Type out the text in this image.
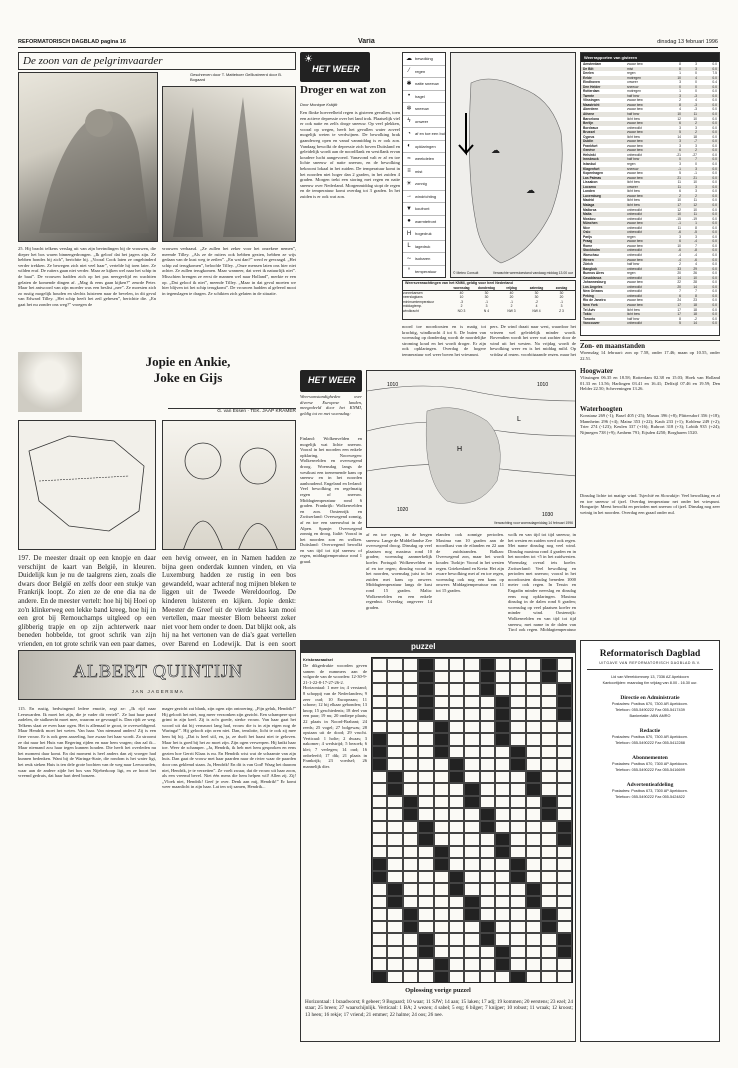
REFORMATORISCH DAGBLAD pagina 16	Varia	dinsdag 13 februari 1996
De zoon van de pelgrimvaarder
Geschreven door T. Matteboer Geïllustreerd door B. Bogaard
25. Hij bracht telkens verslag uit van zijn bevindingen bij de vrouwen, die dieper het bos waren binnengedrongen. „Ik geloof dat het jagers zijn. Ze hebben hondes bij zich”, berichtte hij. „Vooral Cook laten ze ongehinderd verder trekken. Ze bewegen zich niet veel haar”, vertelde hij toen later. Ze wilden eraf. De ruiters gaan niet verder. Maar ze kijken wel naar het schip in de baai”. De vrouwen hadden zich op het pas neergevlijd en wachtten gelaten de komende dingen af. „Mag ik eens gaan kijken?” zeurde Peter. Maar het antwoord van zijn moeder was een beslist „nee”. Ze moesten zich zo rustig mogelijk houden en slechts luisteren naar de bevelen, in dit geval van Edward Tilley. „Het schip heeft het zeil gehesen”, berichtte die. „En gaat het nu zonder ons weg?” vroegen de
vrouwen verbaasd. „Ze zullen het zeker voor het onzekere nemen”, meende Tilley. „Als ze de ruiters ook hebben gezien, hebben ze wijs gedaan van de kust weg te zeilen”. „En wat dan?” werd er gevraagd. „Het schip zal terugkomen”, beloofde Tilley. „Onze mensen laten ons hier niet achter. Ze zullen terugkomen. Maar wanneer, dat weet ik natuurlijk niet”. Misschien brengen ze eerst de mannen wel naar Holland”, merkte er een op. „Dat geloof ik niet”, meende Tilley. „Maar in dat geval moeten we hier blijven tot het schip terugkomt”. De vrouwen hadden al geleerd mooi in tegenslagen te dragen. Ze schikten zich gelaten in de situatie.
Jopie en Ankie,
Joke en Gijs
G. van Essen · TEK. JAAP KRAMER
197. De meester draait op een knopje en daar verschijnt de kaart van België, in kleuren. Duidelijk kun je nu de taalgrens zien, zoals die dwars door België en zelfs door een stukje van Frankrijk loopt. Zo zien ze de ene dia na de andere. En de meester vertelt: hoe hij bij Hoei op zo'n klinkerweg een lekke band kreeg, hoe hij in een grot bij Remouchamps uitgleed op een glibberig trapje en op zijn achterwerk naar beneden hobbelde, tot groot schrik van zijn vrienden, en tot grote schrik van een paar dames,
een hevig onweer, en in Namen hadden ze bijna geen onderdak kunnen vinden, en via Luxemburg hadden ze rustig in een bos gewandeld, waar achteraf nog mijnen bleken te liggen uit de Tweede Wereldoorlog. De kinderen luisteren en kijken. Jopie denkt: Meester de Greef uit de vierde klas kan mooi vertellen, maar meester Blom beheerst zeker niet voor hem onder te doen. Dat blijkt ook, als hij na het vertonen van de dia's gaat vertellen over Barend en Lodewijk. Dat is een soort
ALBERT QUINTIJN
JAN JAGERSMA
115. En rustig, bedwingend ledere emotie, zegt ze: „Ik rijd naar Leeuwarden. Ik moet het zijn, die je vader dit vertelt”. Ze laat haar paard zadelen, de stalknecht moet mee, waarom ze gevraagd is. Dan rijdt ze weg. Telkens slaat ze even haar ogen. Het is allemaal te groot, te overweldigend. Maar Hendrik moet het weten. Van haar. Van niemand anders! Zij is een fiere vrouw. Er is ook geen aarzeling, hoe zwaar het haar wordt. Zo stroomt ze dat naar het Huis van Regering rijden en naar hem vragen; dan zal ik... Maar niemand zou haar tegen kunnen houden. Die heeft het overleden nu het moment daar komt. En dat moment is heel anders dan zij vroeger had kunnen bedenken. Want bij de Waringa-State, die rondom is het water ligt, het reuk steken Huis is ten dele grote bochten van de weg naar Leeuwarden, waar aan de andere zijde het bos van Nijeberkoop ligt, en ze hoort het vreemd gedruis, dat haar hart deed bonzen.
mager gezicht zat blank, zijn ogen zijn ontroering. „Fijn geluk, Hendrik!” Hij gelooft het niet, nog meer verzonken zijn gezicht. Een schampere spot grimt in zijn keel. Zij is zo'n goede, sterke vrouw. Van haar gaat het woord uit dat hij vernauwt lang had, vrouw die is in zijn eigen nog de Waringa!”. Hij gelooft zijn oren niet. Dan, tenslotte, licht te ook zij mee hem bij hij. „Dat is heel stil, en, ja, ze durft het haast niet te geloven. Maar het is goed bij het zo moet zijn. Zijn ogen verwerpen. Hij knikt haar toe. Weer de schamper. „Ja, Hendrik, ik heb met hem gesproken en eens gezien hoe Gerrit Klaas is nu. En Hendrik wist wat de schaamte van zijn huis. Dan gaat de vrouw met haar paarden naar de rivier waar de paarden door ons geklemd staan. Ja, Hendrik! En dit is van God! Waag het daarom niet, Hendrik, je te verzetten”. Ze voelt zwaar, dat de vrouw uit haar zoon, als een vreemd bevel. Niet één mens die hem helpen wil! Allen zij. Zij! „Vloek niet, Hendrik! Geef je over. Denk aan mij, Hendrik!” Er komt weer maanlicht in zijn haar. Lat ten wij samen, Hendrik...
☀
HET WEER
Droger en wat zon
Door Monique Krätjik
Een flinke hoeveelheid regen is gisteren gevallen, toen een actieve depressie over het land trok. Plaatselijk viel er ook natte en zelfs droge sneeuw. Op veel plekken, vooral op wegen, heeft het gevallen water zoveel mogelijk weten te verdwijnen. De bewolking brak gaandeweg open en vanaf vanmiddag is er ook zon. Vandaag bewolkt de depressie zich boven Duitsland en geleidelijk wordt aan de noordflank en westflank ervan koudere lucht aangevoerd. Vanavond valt er af en toe lichte sneeuw of natte sneeuw, en de bewolking bekroont lokaal in het zuiden. De temperatuur komt in het noorden niet hoger dan 2 graden, in het zuiden 4 graden. Morgen trekt een storing met regen en natte sneeuw over Nederland. Morgenmiddag stopt de regen en de temperatuur komt overdag tot 3 graden. In het zuiden is er ook wat zon.
☁ bewolking
⁄	regen
✱ natte sneeuw
•	hagel
✲ sneeuw
ϟ	onweer
◔	af en toe een bui
◐	opklaringen
≈	weekdelen
≡	mist
☀ zonnig
→ windrichting
▼ koufront
●	warmtefront
H hogedruk
L	lagedruk
∼ isobaren
°	temperatuur
☁
☁
© Meteo Consult	Verwachte weerstoestand vandaag middag 13.00 uur
Weersverwachtingen van het KNMI, geldig voor heel Nederland
woensdag	donderdag	vrijdag	zaterdag	zondag
zonnekansen	40	30	40	30	30
neerslagkans	10	30	20	30	20
minimumtemperatuur	-3	-1	-1	-2	-1
middagtemp.	2	3	2	4	3
windkracht	NO 3	N 4	NW 3	NW 4	Z 3
noord toe noordoosten en is matig tot krachtig, windkracht 4 tot 6. De buien van woensdag op donderdag wordt de noordelijke stroming koud en het wordt droger. Er zijn ook opklaringen. Overdag de hogere temperatuur wel weer boven het vriespunt.
pers. De wind draait naar west, waardoor het vriezen wel geleidelijk minder wordt. Bovendien wordt het weer wat zachter door de wind uit het westen. Na vrijdag wordt de bewolking weer en is het middag mild. Op vrijdag al regen, voorbijgaande regen, maar het
Weerrapporten van gisteren
Amsterdam	zwaar bew	8	3	0.0
De Bilt	mist	8	3	0.0
Deelen	regen	1	0	7.5
Eelde	motregen	10	4	0.0
Eindhoven	onweer	3	0	0.4
Den Helder	sneeuw	0	0	0.0
Rotterdam	motregen	1	0	0.0
Twente	half bew	3	-3	0.0
Vlissingen	zwaar bew	2	4	0.0
Maastricht	zwaar bew	8	-3	0.0
Aberdeen	zwaar bew	4	-3	0.0
Athene	half bew	10	11	0.0
Barcelona	licht bew	12	10	0.0
Berlijn	zwaar bew	6	2	0.0
Bordeaux	onbewolkt	3	3	0.0
Brussel	zwaar bew	5	2	0.0
Cyprus	licht bew	14	18	0.0
Dublin	zwaar bew	3	-7	0.0
Frankfurt	zwaar bew	3	3	0.0
Genève	zwaar bew	6	2	0.0
Helsinki	onbewolkt	-21	-27	0.0
Innsbruck	half bew	0	7	0.0
Istanbul	regen	3	0	0.0
Klagenfurt	sneeuw	-1	3	0.0
Kopenhagen	zwaar bew	5	-1	0.0
Las Palmas	zwaar bew	21	21	0.0
Lissabon	licht bew	11	10	0.0
Locarno	onweer	11	3	0.0
Londen	licht bew	6	3	0.0
Luxemburg	zwaar bew	2	2	0.0
Madrid	licht bew	10	11	0.0
Malaga	licht bew	17	12	0.0
Mallorca	onbewolkt	12	10	0.0
Malta	onbewolkt	10	11	0.0
Moskou	onbewolkt	-15	-19	0.0
München	zwaar bew	-1	1	0.0
Nice	onbewolkt	11	8	0.0
Oslo	onbewolkt	-6	-5	0.0
Parijs	regen	3	3	0.0
Praag	zwaar bew	6	-4	0.0
Rome	zwaar bew	10	7	0.0
Stockholm	onbewolkt	-6	-8	0.0
Warschau	onbewolkt	-4	-4	0.0
Wenen	zwaar bew	-4	-6	0.0
Zürich	half bew	2	4	0.0
Bangkok	onbewolkt	33	29	0.0
Buenos Aires	regen	20	26	0.0
Casablanca	onbewolkt	14	10	0.0
Johannesburg	zwaar bew	22	28	0.0
Los Angeles	onbewolkt	20	14	0.0
New Orleans	onbewolkt	7	7	0.0
Peking	onbewolkt	6	8	0.0
Rio de Janeiro	zwaar bew	24	23	0.0
New York	zwaar bew	17	18	0.0
Tel Aviv	licht bew	17	18	0.0
Tokio	licht bew	17	18	0.0
Toronto	half bew	8	-2	0.0
Vancouver	onbewolkt	5	14	0.0
HET WEER
Weersomstandigheden over diverse Europese landen, meegedeeld door het KNMI, geldig tot en met woensdag:
Finland: Wolkenvelden en mogelijk wat lichte sneeuw. Vooral in het noorden een enkele opklaring. Noorwegen: Wolkenvelden en overwegend droog. Woensdag langs de westkust een toenemende kans op sneeuw en in het noorden aanhoudend. Engeland en Ierland: Veel bewolking en regelmatig regen of sneeuw. Middagtemperatuur rond 6 graden. Frankrijk: Wolkenvelden en zon. Oostenrijk en Zwitserland: Overwegend zonnig, af en toe een sneeuwbui in de Alpen. Spanje: Overwegend zonnig en droog. Italië: Vooral in het noorden zon en wolken. Duitsland: Overwegend bewolkt en van tijd tot tijd sneeuw of regen, middagtemperatuur rond 1 graad.
1010	1010
1020
1030
H
L
Verwachting voor woensdagmiddag 14 februari 1996
af en toe regen, in de bergen sneeuw. Lange de Middellandse Zee overwegend droog. Dinsdag op veel plaatsen nog maxima rond 10 graden; woensdag aanmerkelijk koeler. Portugal: Wolkenvelden en af en toe regen; dinsdag vooral in het noorden, woensdag juist in het zuiden met kans op onweer. Middagtemperatuur langs de kust rond 15 graden. Malta: Wolkenvelden en een enkele regenbui. Overdag ongeveer 14 graden.
elanden ook zonnige perioden. Maxima van 10 graden aan de noordkust van de eilanden en 22 aan de zuidstranden. Balkan: Overwegend zon, maar het wordt kouder. Turkije: Vooral in het westen regen. Griekenland en Kreta: Het zijn zware bewolking met af en toe regen, woensdag ook nog een kans op onweer. Middagtemperatuur van 11 tot 15 graden.
wolk en van tijd tot tijd sneeuw, in het westen en zuiden werd ook regen. Met name dinsdag nog veel wind. Dinsdag maxima rond 4 graden en in het noorden tot +5 in het zuidwesten. Woensdag overal iets koeler. Zwitserland: Veel bewolking en perioden met sneeuw; vooral in het noordoosten dinsdag beneden 1000 meter ook regen. In Tessin en Engadin minder neerslag en dinsdag eens nog opklaringen. Maxima dinsdag in de dalen rond 6 graden; woensdag op veel plaatsen koeler en minder wind. Oostenrijk: Wolkenvelden en van tijd tot tijd sneeuw, met name in de dalen van Tirol ook regen. Middagtemperatuur
Zon- en maanstanden
Woensdag 14 februari: zon op 7.58, onder 17.46; maan op 10.55, onder 22.51.
Hoogwater
Vlissingen 06.35 en 18.58; Rotterdam 02.38 en 15.03; Hoek van Holland 01.33 en 13.56; Harlingen 03.41 en 16.41; Delfzijl 07.46 en 19.59; Den Helder 22.50; Scheveningen 13.26.
Waterhoogten
Konstanz 269 (-1); Basel 405 (-25); Maxau 396 (+8); Plittersdorf 356 (+18); Mannheim 296 (+4); Mainz 353 (+22); Kaub 233 (+1); Koblenz 249 (+2); Trier 274 (-123); Keulen 337 (+16); Ruhrort 318 (+3); Lobith 935 (+24); Nijmegen 738 (+9); Arnhem 791; Eijsden 4250; Borgharen 1520.
Dinsdag lichte tot matige wind. Tsjechië en Slowakije: Veel bewolking en af en toe sneeuw of ijzel. Overdag temperatuur net onder het vriespunt. Hongarije: Meest bewolkt en perioden met sneeuw of ijzel. Dinsdag nog zeer weinig in het noorden. Overdag een graad onder nul.
puzzel
Kriskrasraadsel
De dikgedrukte woorden geven samen de nummers aan de volgorde van de woorden: 12-30-9-21-1-22-8-17-27-26-2. Horizontaal: 1 mee in; 4 verstand; 8 schoppij van de Nederlanders; 9 zeer oud; 10 Europeaan; 11 schone; 12 bij elkaar gebonden; 13 knop; 15 geschiedenis; 18 deel van een paar; 19 nu; 20 ondiepe plaats; 22 plaats in Noord-Brabant; 24 reeds; 25 vogel; 27 bolgewas; 28 opstaan uit de dood; 29 vrucht. Verticaal: 1 holte; 2 dwaas; 3 nakomer; 4 wedstrijd; 5 bezoek; 6 klei; 7 verlegen; 14 oud; 16 onbeleefd; 17 dik; 21 plaats in Frankrijk; 23 voedsel; 26 mannelijk dier.
Oplossing vorige puzzel
Horizontaal: 1 braadworst; 8 gebeer; 9 Bogaard; 10 waar; 11 SJW; 14 aan; 15 laken; 17 adj; 19 kommen; 20 eerstens; 23 ezel; 24 staar; 25 breen; 27 waarschijnlijk. Verticaal: 1 BA; 2 wezen; 4 sabel; 5 erg; 6 bilger; 7 knijper; 10 robust; 11 wraak; 12 kroost; 13 heen; 16 rekje; 17 vriend; 21 emmer; 22 halme; 24 oos; 26 nee.
Reformatorisch Dagblad
UITGAVE VAN REFORMATORISCH DAGBLAD B.V.
Lid van Wereldomroep 13, 7336 AZ Apeldoorn
Kantoortijden: maandag t/m vrijdag van 8.00 - 16.30 uur.
Directie en Administratie
Postadres: Postbus 670, 7300 AR Apeldoorn.
Telefoon: 055-5490222 Fax 055-5417439
Bankrelatie: ABN AMRO
Redactie
Postadres: Postbus 670, 7300 AR Apeldoorn.
Telefoon: 055-5490222 Fax 055-5412288
Abonnementen
Postadres: Postbus 670, 7300 AP Apeldoorn.
Telefoon: 055-5490222 Fax 055-5416699
Advertentieafdeling
Postadres: Postbus 673, 7300 AP Apeldoorn.
Telefoon: 055-5490222 Fax 055-5424822
